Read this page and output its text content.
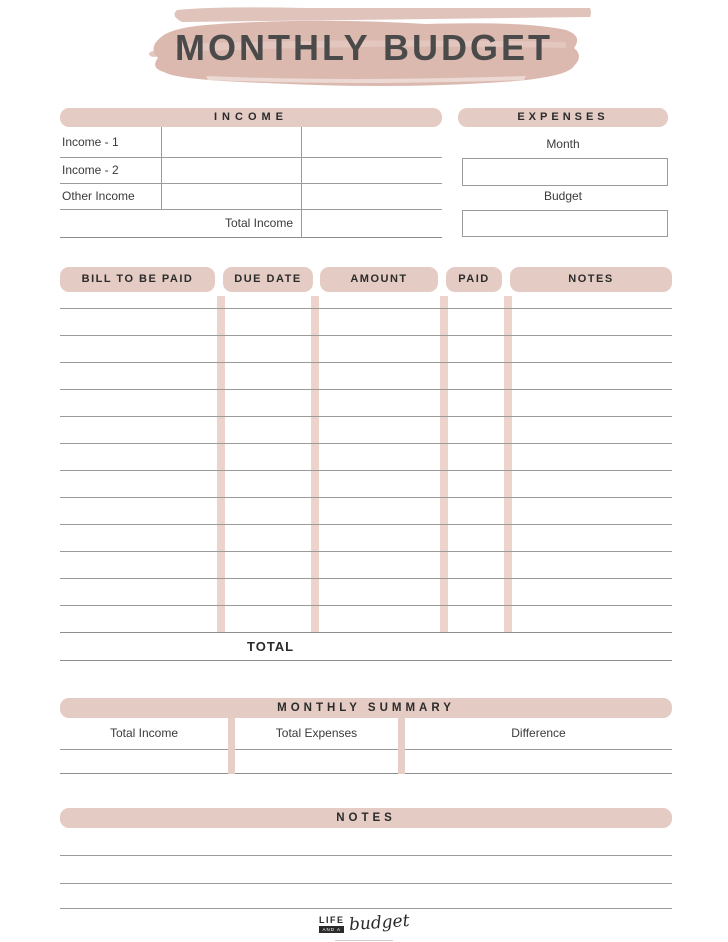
MONTHLY BUDGET
INCOME
Income - 1
Income - 2
Other Income
Total Income
EXPENSES
Month
Budget
BILL TO BE PAID	DUE DATE	AMOUNT	PAID	NOTES
TOTAL
MONTHLY SUMMARY
Total Income	Total Expenses	Difference
NOTES
LIFE
AND A budget
